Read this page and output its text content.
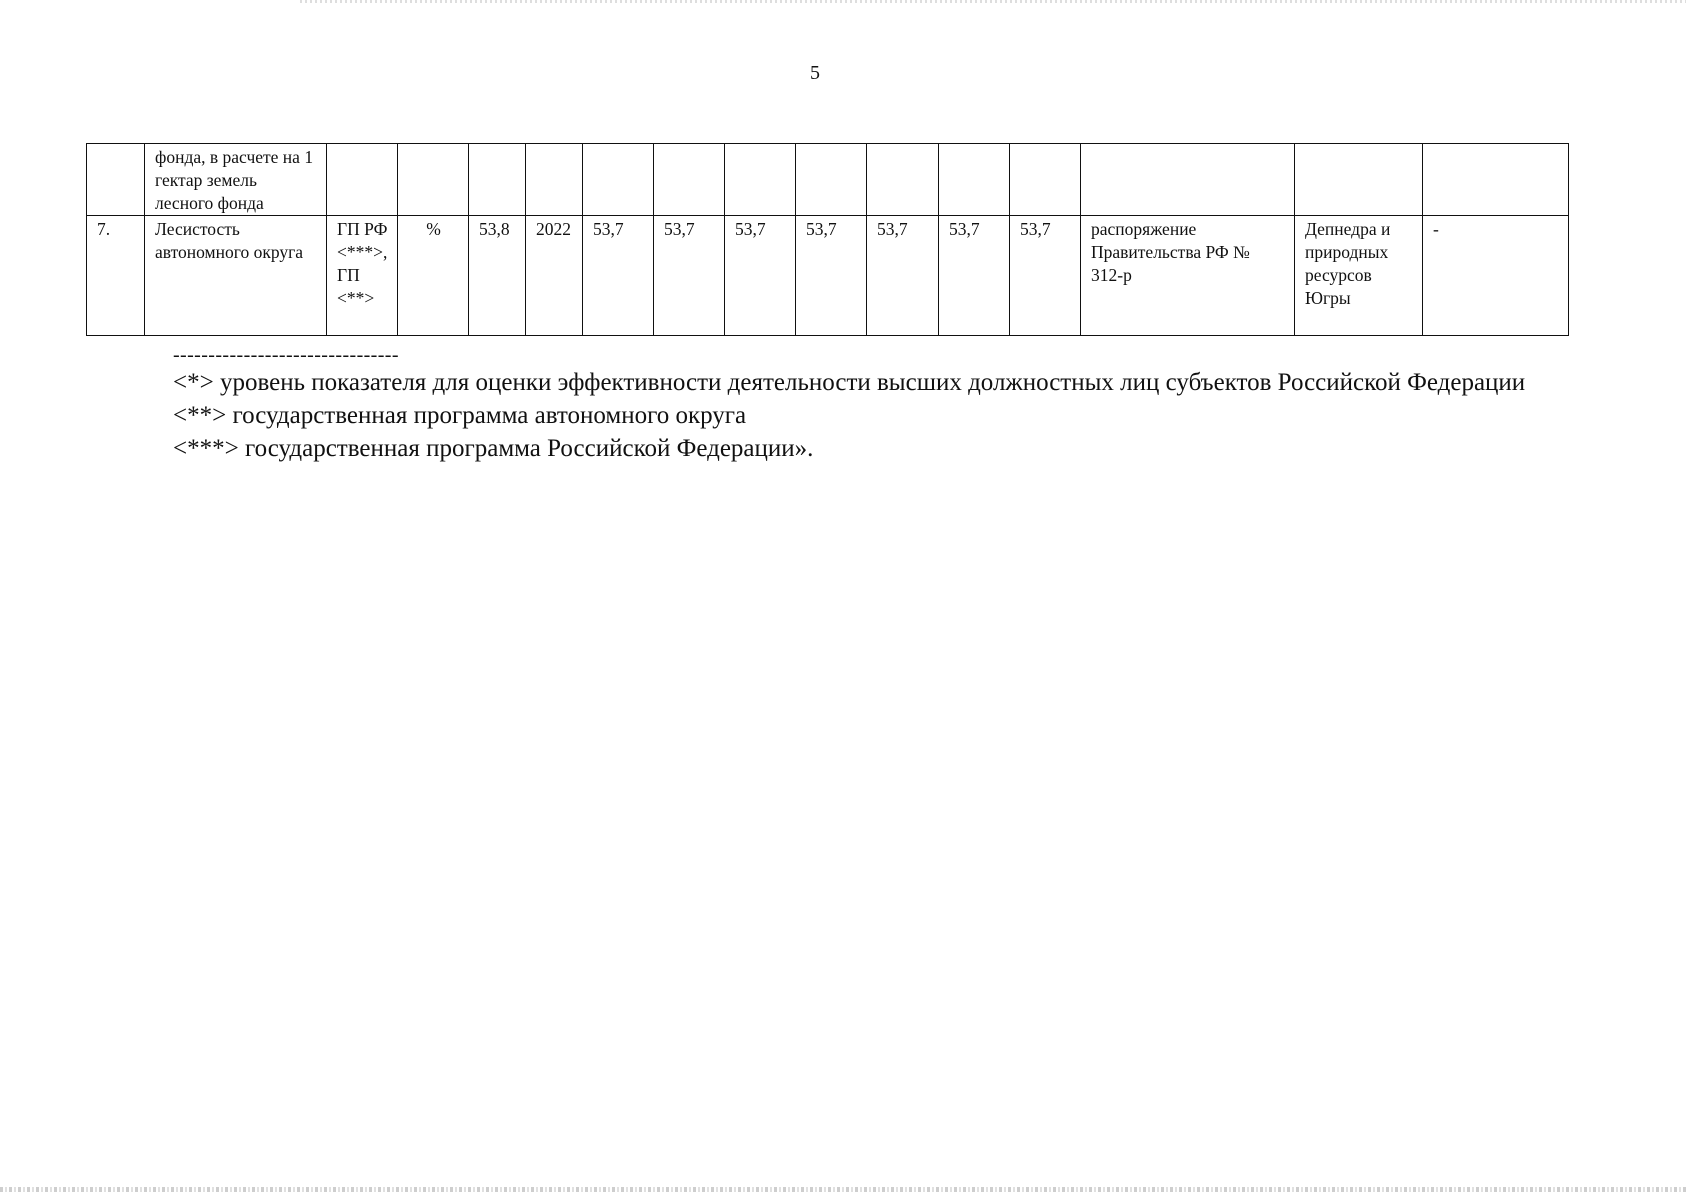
5
	фонда, в расчете на 1 гектар земель лесного фонда														
7.	Лесистость автономного округа	ГП РФ <***>, ГП <**>	%	53,8	2022	53,7	53,7	53,7	53,7	53,7	53,7	53,7	распоряжение Правительства РФ № 312-р	Депнедра и природных ресурсов Югры	-
--------------------------------

<*> уровень показателя для оценки эффективности деятельности высших должностных лиц субъектов Российской Федерации

<**> государственная программа автономного округа

<***> государственная программа Российской Федерации».
